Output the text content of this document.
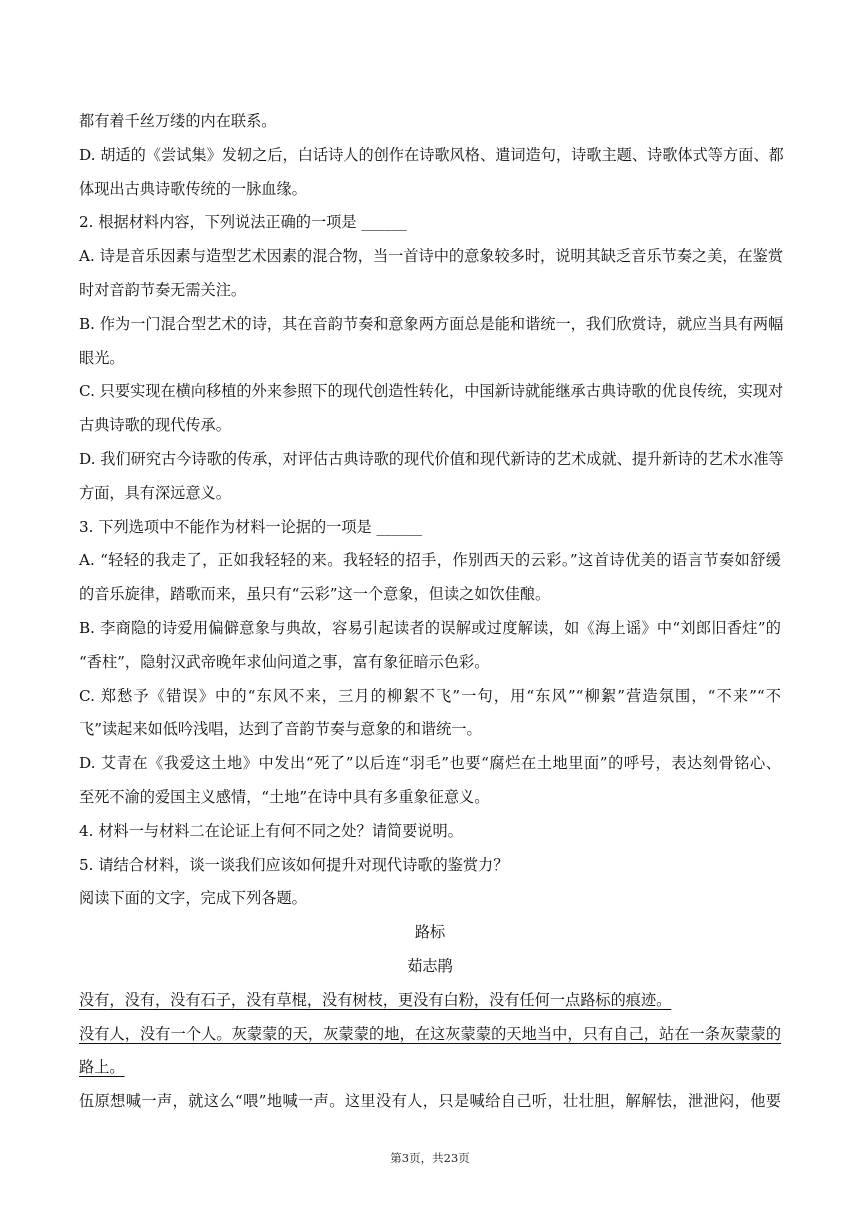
都有着千丝万缕的内在联系。
D. 胡适的《尝试集》发轫之后，白话诗人的创作在诗歌风格、遣词造句，诗歌主题、诗歌体式等方面、都
体现出古典诗歌传统的一脉血缘。
2. 根据材料内容，下列说法正确的一项是 ______
A. 诗是音乐因素与造型艺术因素的混合物，当一首诗中的意象较多时，说明其缺乏音乐节奏之美，在鉴赏
时对音韵节奏无需关注。
B. 作为一门混合型艺术的诗，其在音韵节奏和意象两方面总是能和谐统一，我们欣赏诗，就应当具有两幅
眼光。
C. 只要实现在横向移植的外来参照下的现代创造性转化，中国新诗就能继承古典诗歌的优良传统，实现对
古典诗歌的现代传承。
D. 我们研究古今诗歌的传承，对评估古典诗歌的现代价值和现代新诗的艺术成就、提升新诗的艺术水准等
方面，具有深远意义。
3. 下列选项中不能作为材料一论据的一项是 ______
A. “轻轻的我走了，正如我轻轻的来。我轻轻的招手，作别西天的云彩。”这首诗优美的语言节奏如舒缓
的音乐旋律，踏歌而来，虽只有“云彩”这一个意象，但读之如饮佳酿。
B. 李商隐的诗爱用偏僻意象与典故，容易引起读者的误解或过度解读，如《海上谣》中“刘郎旧香炷”的
“香柱”，隐射汉武帝晚年求仙问道之事，富有象征暗示色彩。
C. 郑愁予《错误》中的“东风不来，三月的柳絮不飞”一句，用“东风”“柳絮”营造氛围，“不来”“不
飞”读起来如低吟浅唱，达到了音韵节奏与意象的和谐统一。
D. 艾青在《我爱这土地》中发出“死了”以后连“羽毛”也要“腐烂在土地里面”的呼号，表达刻骨铭心、
至死不渝的爱国主义感情，“土地”在诗中具有多重象征意义。
4. 材料一与材料二在论证上有何不同之处？请简要说明。
5. 请结合材料，谈一谈我们应该如何提升对现代诗歌的鉴赏力？
阅读下面的文字，完成下列各题。
路标
茹志鹃
没有，没有，没有石子，没有草棍，没有树枝，更没有白粉，没有任何一点路标的痕迹。
没有人，没有一个人。灰蒙蒙的天，灰蒙蒙的地，在这灰蒙蒙的天地当中，只有自己，站在一条灰蒙蒙的
路上。
伍原想喊一声，就这么“喂”地喊一声。这里没有人，只是喊给自己听，壮壮胆，解解怯，泄泄闷，他要
第3页，共23页
